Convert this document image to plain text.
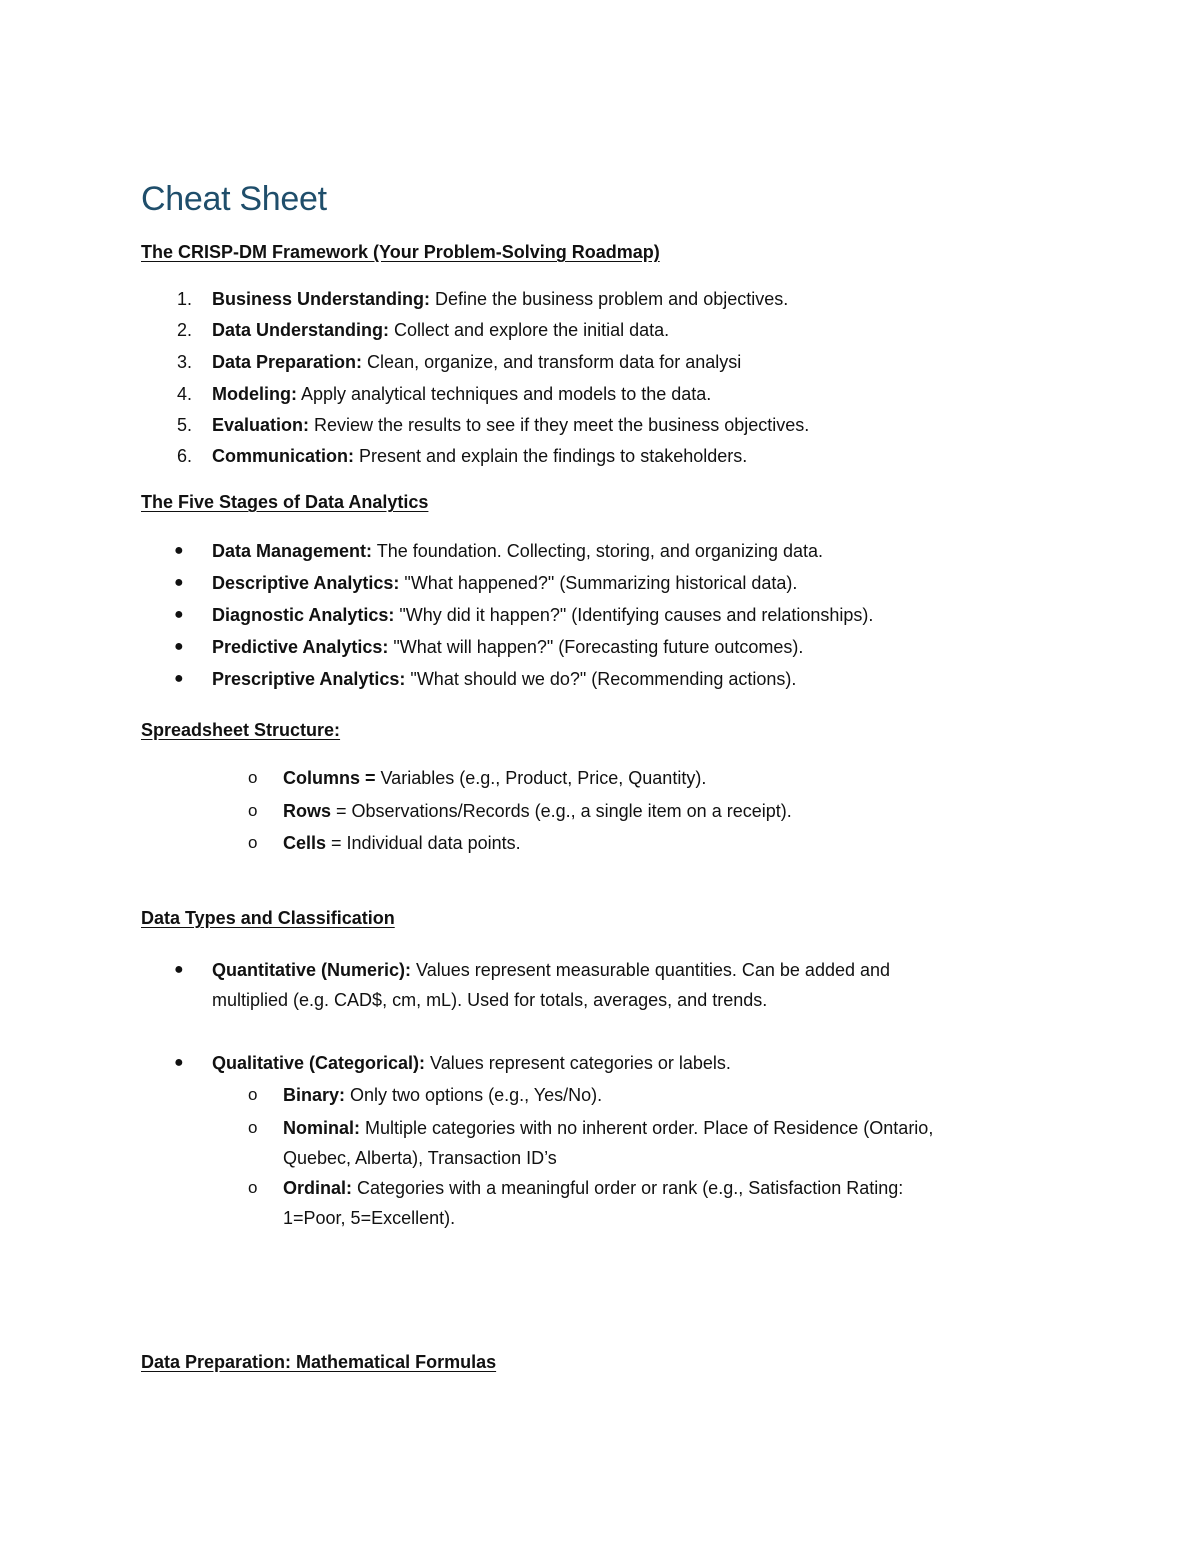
Cheat Sheet
The CRISP-DM Framework (Your Problem-Solving Roadmap)
1. Business Understanding: Define the business problem and objectives.
2. Data Understanding: Collect and explore the initial data.
3. Data Preparation: Clean, organize, and transform data for analysi
4. Modeling: Apply analytical techniques and models to the data.
5. Evaluation: Review the results to see if they meet the business objectives.
6. Communication: Present and explain the findings to stakeholders.
The Five Stages of Data Analytics
●	Data Management: The foundation. Collecting, storing, and organizing data.
●	Descriptive Analytics: "What happened?" (Summarizing historical data).
●	Diagnostic Analytics: "Why did it happen?" (Identifying causes and relationships).
●	Predictive Analytics: "What will happen?" (Forecasting future outcomes).
●	Prescriptive Analytics: "What should we do?" (Recommending actions).
Spreadsheet Structure:
o	Columns = Variables (e.g., Product, Price, Quantity).
o	Rows = Observations/Records (e.g., a single item on a receipt).
o	Cells = Individual data points.
Data Types and Classification
●	Quantitative (Numeric): Values represent measurable quantities. Can be added and
multiplied (e.g. CAD$, cm, mL). Used for totals, averages, and trends.
●	Qualitative (Categorical): Values represent categories or labels.
o	Binary: Only two options (e.g., Yes/No).
o	Nominal: Multiple categories with no inherent order. Place of Residence (Ontario,
Quebec, Alberta), Transaction ID’s
o	Ordinal: Categories with a meaningful order or rank (e.g., Satisfaction Rating:
1=Poor, 5=Excellent).
Data Preparation: Mathematical Formulas
